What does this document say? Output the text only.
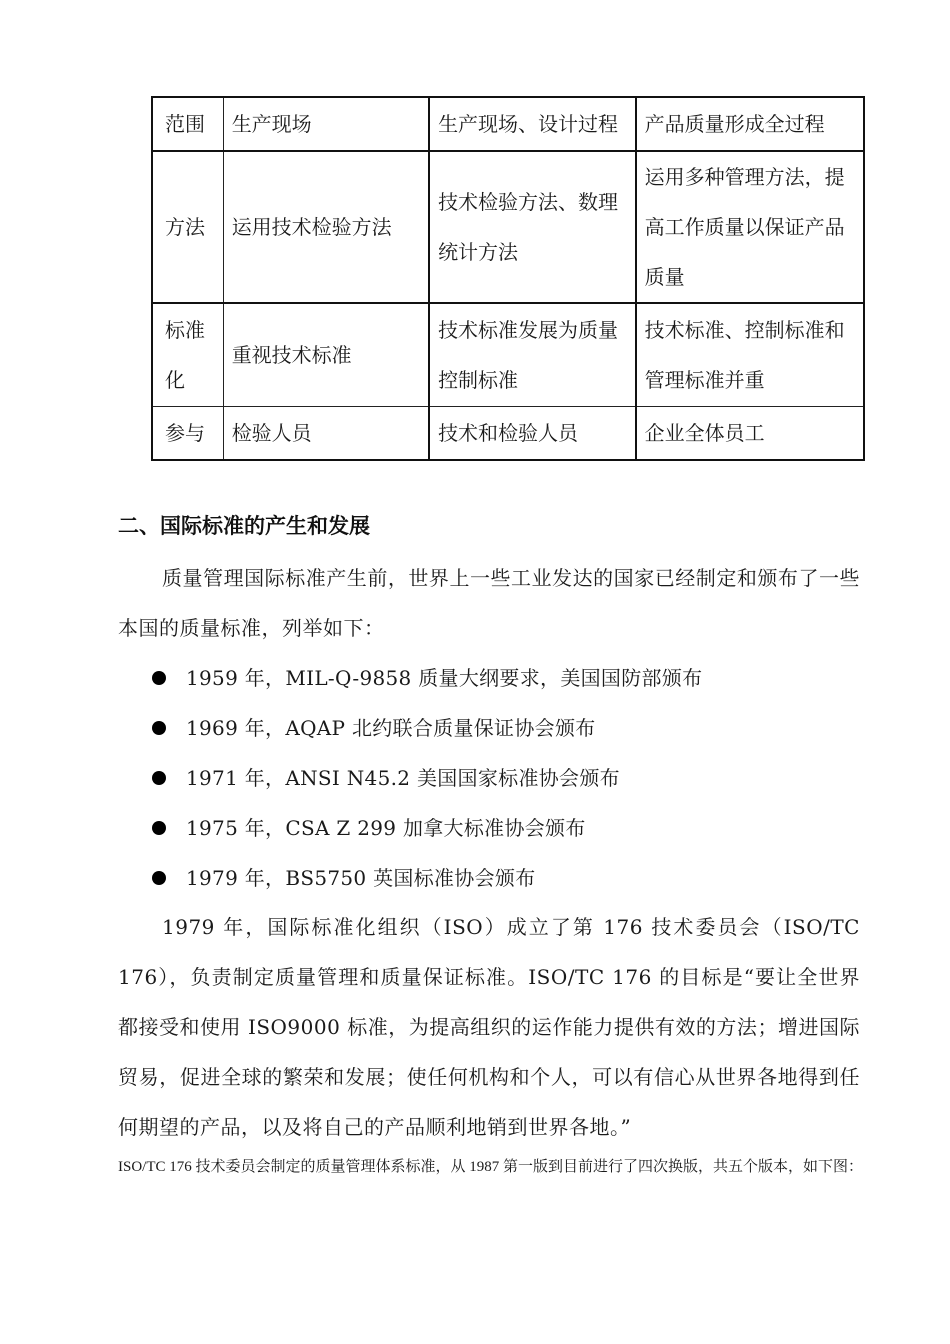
范围	生产现场	生产现场、设计过程	产品质量形成全过程
方法	运用技术检验方法	技术检验方法、数理统计方法	运用多种管理方法，提高工作质量以保证产品质量
标准化	重视技术标准	技术标准发展为质量控制标准	技术标准、控制标准和管理标准并重
参与	检验人员	技术和检验人员	企业全体员工
二、国际标准的产生和发展
质量管理国际标准产生前，世界上一些工业发达的国家已经制定和颁布了一些本国的质量标准，列举如下：
1959 年，MIL-Q-9858 质量大纲要求，美国国防部颁布
1969 年，AQAP 北约联合质量保证协会颁布
1971 年，ANSI N45.2 美国国家标准协会颁布
1975 年，CSA Z 299 加拿大标准协会颁布
1979 年，BS5750 英国标准协会颁布
1979 年，国际标准化组织（ISO）成立了第 176 技术委员会（ISO/TC 176），负责制定质量管理和质量保证标准。ISO/TC 176 的目标是“要让全世界都接受和使用 ISO9000 标准，为提高组织的运作能力提供有效的方法；增进国际贸易，促进全球的繁荣和发展；使任何机构和个人，可以有信心从世界各地得到任何期望的产品，以及将自己的产品顺利地销到世界各地。”
ISO/TC 176 技术委员会制定的质量管理体系标准，从 1987 第一版到目前进行了四次换版，共五个版本，如下图：
